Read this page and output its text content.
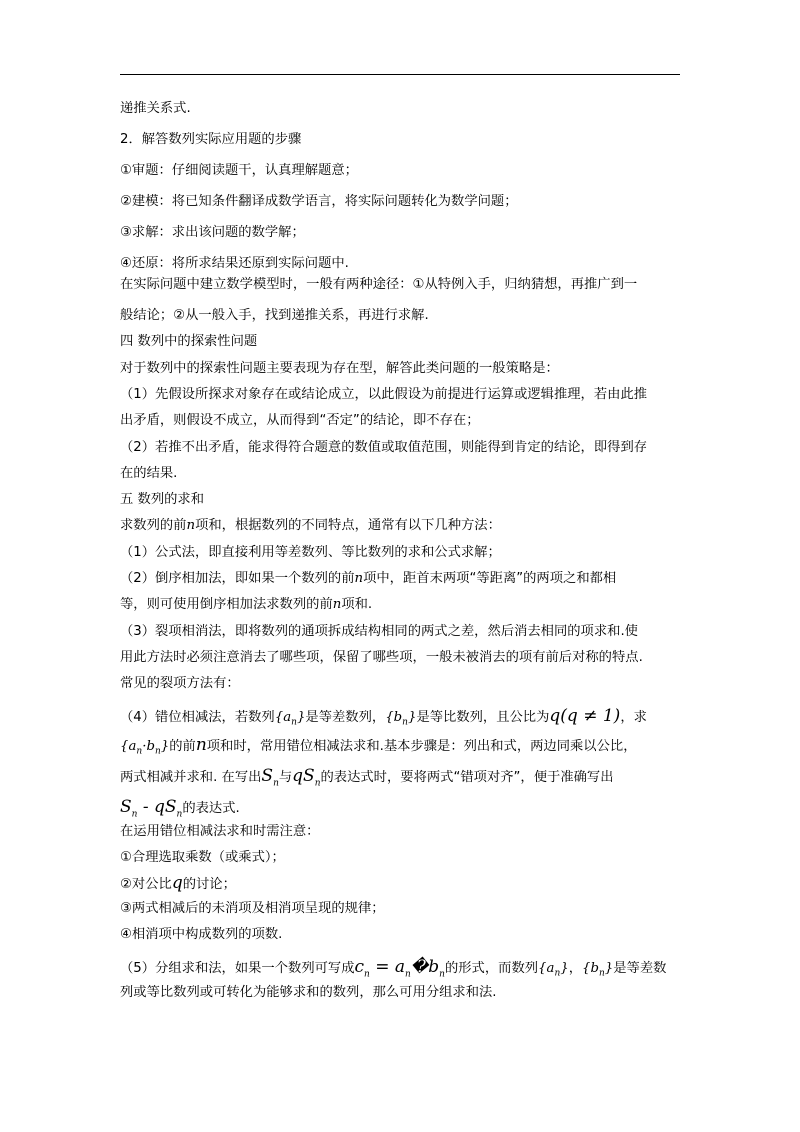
递推关系式.
2．解答数列实际应用题的步骤
①审题：仔细阅读题干，认真理解题意；
②建模：将已知条件翻译成数学语言，将实际问题转化为数学问题；
③求解：求出该问题的数学解；
④还原：将所求结果还原到实际问题中.
在实际问题中建立数学模型时，一般有两种途径：①从特例入手，归纳猜想，再推广到一
般结论；②从一般入手，找到递推关系，再进行求解.
四 数列中的探索性问题
对于数列中的探索性问题主要表现为存在型，解答此类问题的一般策略是：
（1）先假设所探求对象存在或结论成立，以此假设为前提进行运算或逻辑推理，若由此推
出矛盾，则假设不成立，从而得到“否定”的结论，即不存在；
（2）若推不出矛盾，能求得符合题意的数值或取值范围，则能得到肯定的结论，即得到存
在的结果.
五 数列的求和
求数列的前n项和，根据数列的不同特点，通常有以下几种方法：
（1）公式法，即直接利用等差数列、等比数列的求和公式求解；
（2）倒序相加法，即如果一个数列的前n项中，距首末两项“等距离”的两项之和都相
等，则可使用倒序相加法求数列的前n项和.
（3）裂项相消法，即将数列的通项拆成结构相同的两式之差，然后消去相同的项求和.使
用此方法时必须注意消去了哪些项，保留了哪些项，一般未被消去的项有前后对称的特点.
常见的裂项方法有：
（4）错位相减法，若数列$\{a_n\}$是等差数列，$\{b_n\}$是等比数列，且公比为q(q ≠ 1)，求
$\{a_n\cdot b_n\}$的前n项和时，常用错位相减法求和.基本步骤是：列出和式，两边同乘以公比，
两式相减并求和. 在写出$S_n$与$qS_n$的表达式时，要将两式“错项对齐”，便于准确写出
$S_n - qS_n$的表达式.
在运用错位相减法求和时需注意：
①合理选取乘数（或乘式）；
②对公比q的讨论；
③两式相减后的未消项及相消项呈现的规律；
④相消项中构成数列的项数.
（5）分组求和法，如果一个数列可写成$c_n$ = $a_n�b_n$的形式，而数列$\{a_n\}$，$\{b_n\}$是等差数
列或等比数列或可转化为能够求和的数列，那么可用分组求和法.
